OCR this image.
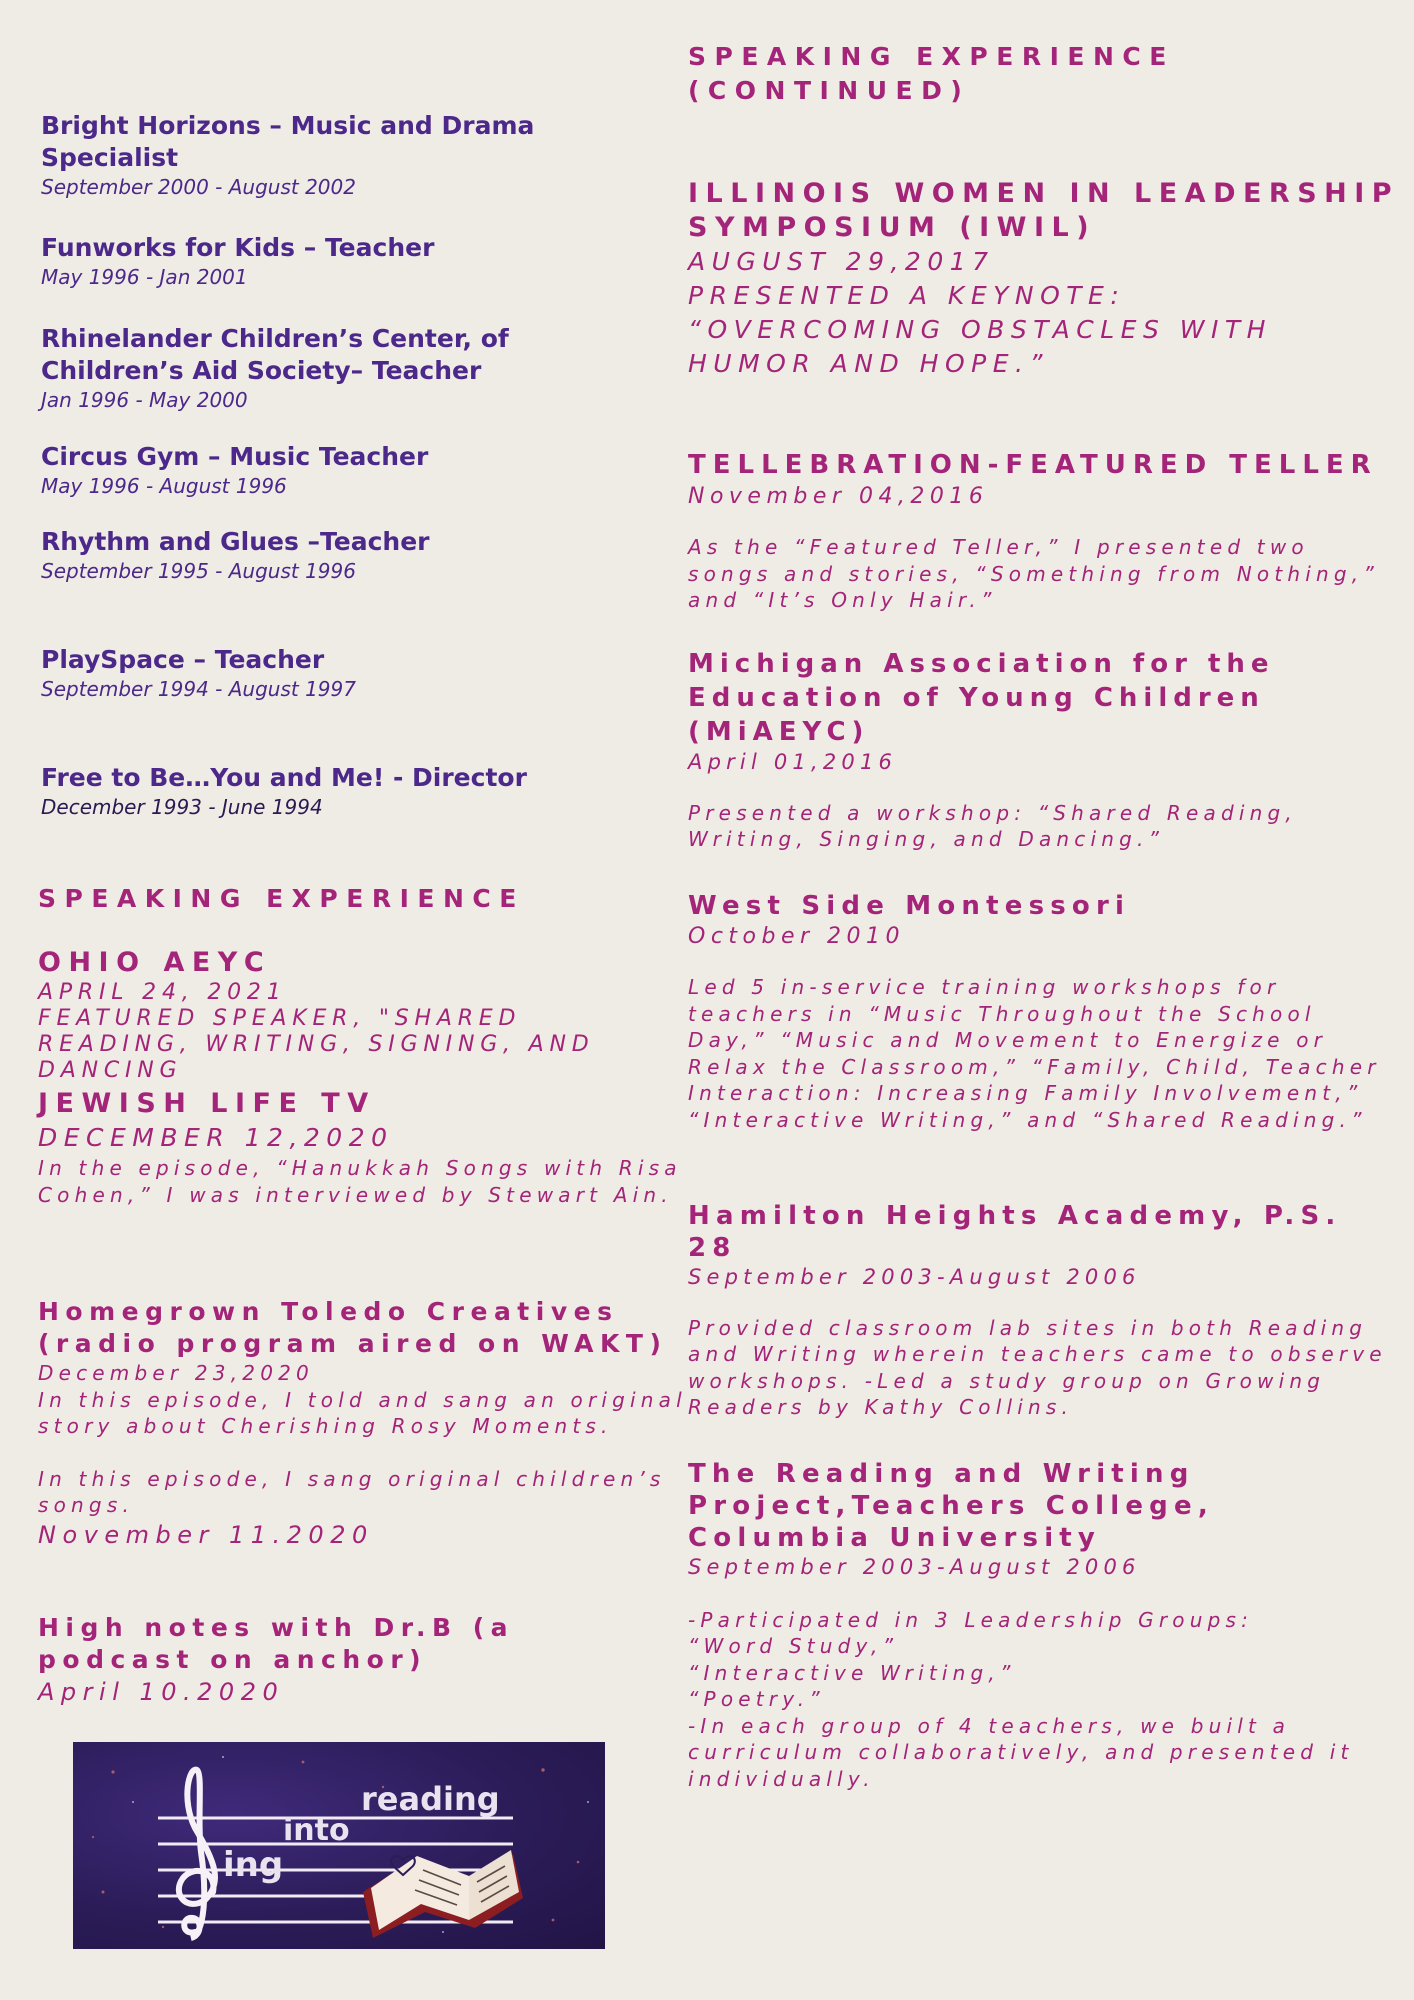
Bright Horizons – Music and Drama Specialist
September 2000 - August 2002
Funworks for Kids – Teacher
May 1996 - Jan 2001
Rhinelander Children’s Center, of Children’s Aid Society– Teacher
Jan 1996 - May 2000
Circus Gym – Music Teacher
May 1996 - August 1996
Rhythm and Glues –Teacher
September 1995 - August 1996
PlaySpace – Teacher
September 1994 - August 1997
Free to Be…You and Me! - Director
December 1993 - June 1994
SPEAKING EXPERIENCE
OHIO AEYC
APRIL 24, 2021
FEATURED SPEAKER, "SHARED READING, WRITING, SIGNING, AND DANCING
JEWISH LIFE TV
DECEMBER 12,2020
In the episode, “Hanukkah Songs with Risa Cohen,” I was interviewed by Stewart Ain.
Homegrown Toledo Creatives (radio program aired on WAKT)
December 23,2020
In this episode, I told and sang an original story about Cherishing Rosy Moments.
In this episode, I sang original children’s songs.
November 11.2020
High notes with Dr.B (a podcast on anchor)
April 10.2020
ing
into
reading
SPEAKING EXPERIENCE (CONTINUED)
ILLINOIS WOMEN IN LEADERSHIP SYMPOSIUM (IWIL)
AUGUST 29,2017
PRESENTED A KEYNOTE: “OVERCOMING OBSTACLES WITH HUMOR AND HOPE.”
TELLEBRATION-FEATURED TELLER
November 04,2016
As the “Featured Teller,” I presented two songs and stories, “Something from Nothing,” and “It’s Only Hair.”
Michigan Association for the Education of Young Children (MiAEYC)
April 01,2016
Presented a workshop: “Shared Reading, Writing, Singing, and Dancing.”
West Side Montessori
October 2010
Led 5 in-service training workshops for teachers in “Music Throughout the School Day,” “Music and Movement to Energize or Relax the Classroom,” “Family, Child, Teacher Interaction: Increasing Family Involvement,” “Interactive Writing,” and “Shared Reading.”
Hamilton Heights Academy, P.S. 28
September 2003-August 2006
Provided classroom lab sites in both Reading and Writing wherein teachers came to observe workshops. -Led a study group on Growing Readers by Kathy Collins.
The Reading and Writing Project,Teachers College, Columbia University
September 2003-August 2006
-Participated in 3 Leadership Groups:
“Word Study,”
“Interactive Writing,”
“Poetry.”
-In each group of 4 teachers, we built a curriculum collaboratively, and presented it individually.
